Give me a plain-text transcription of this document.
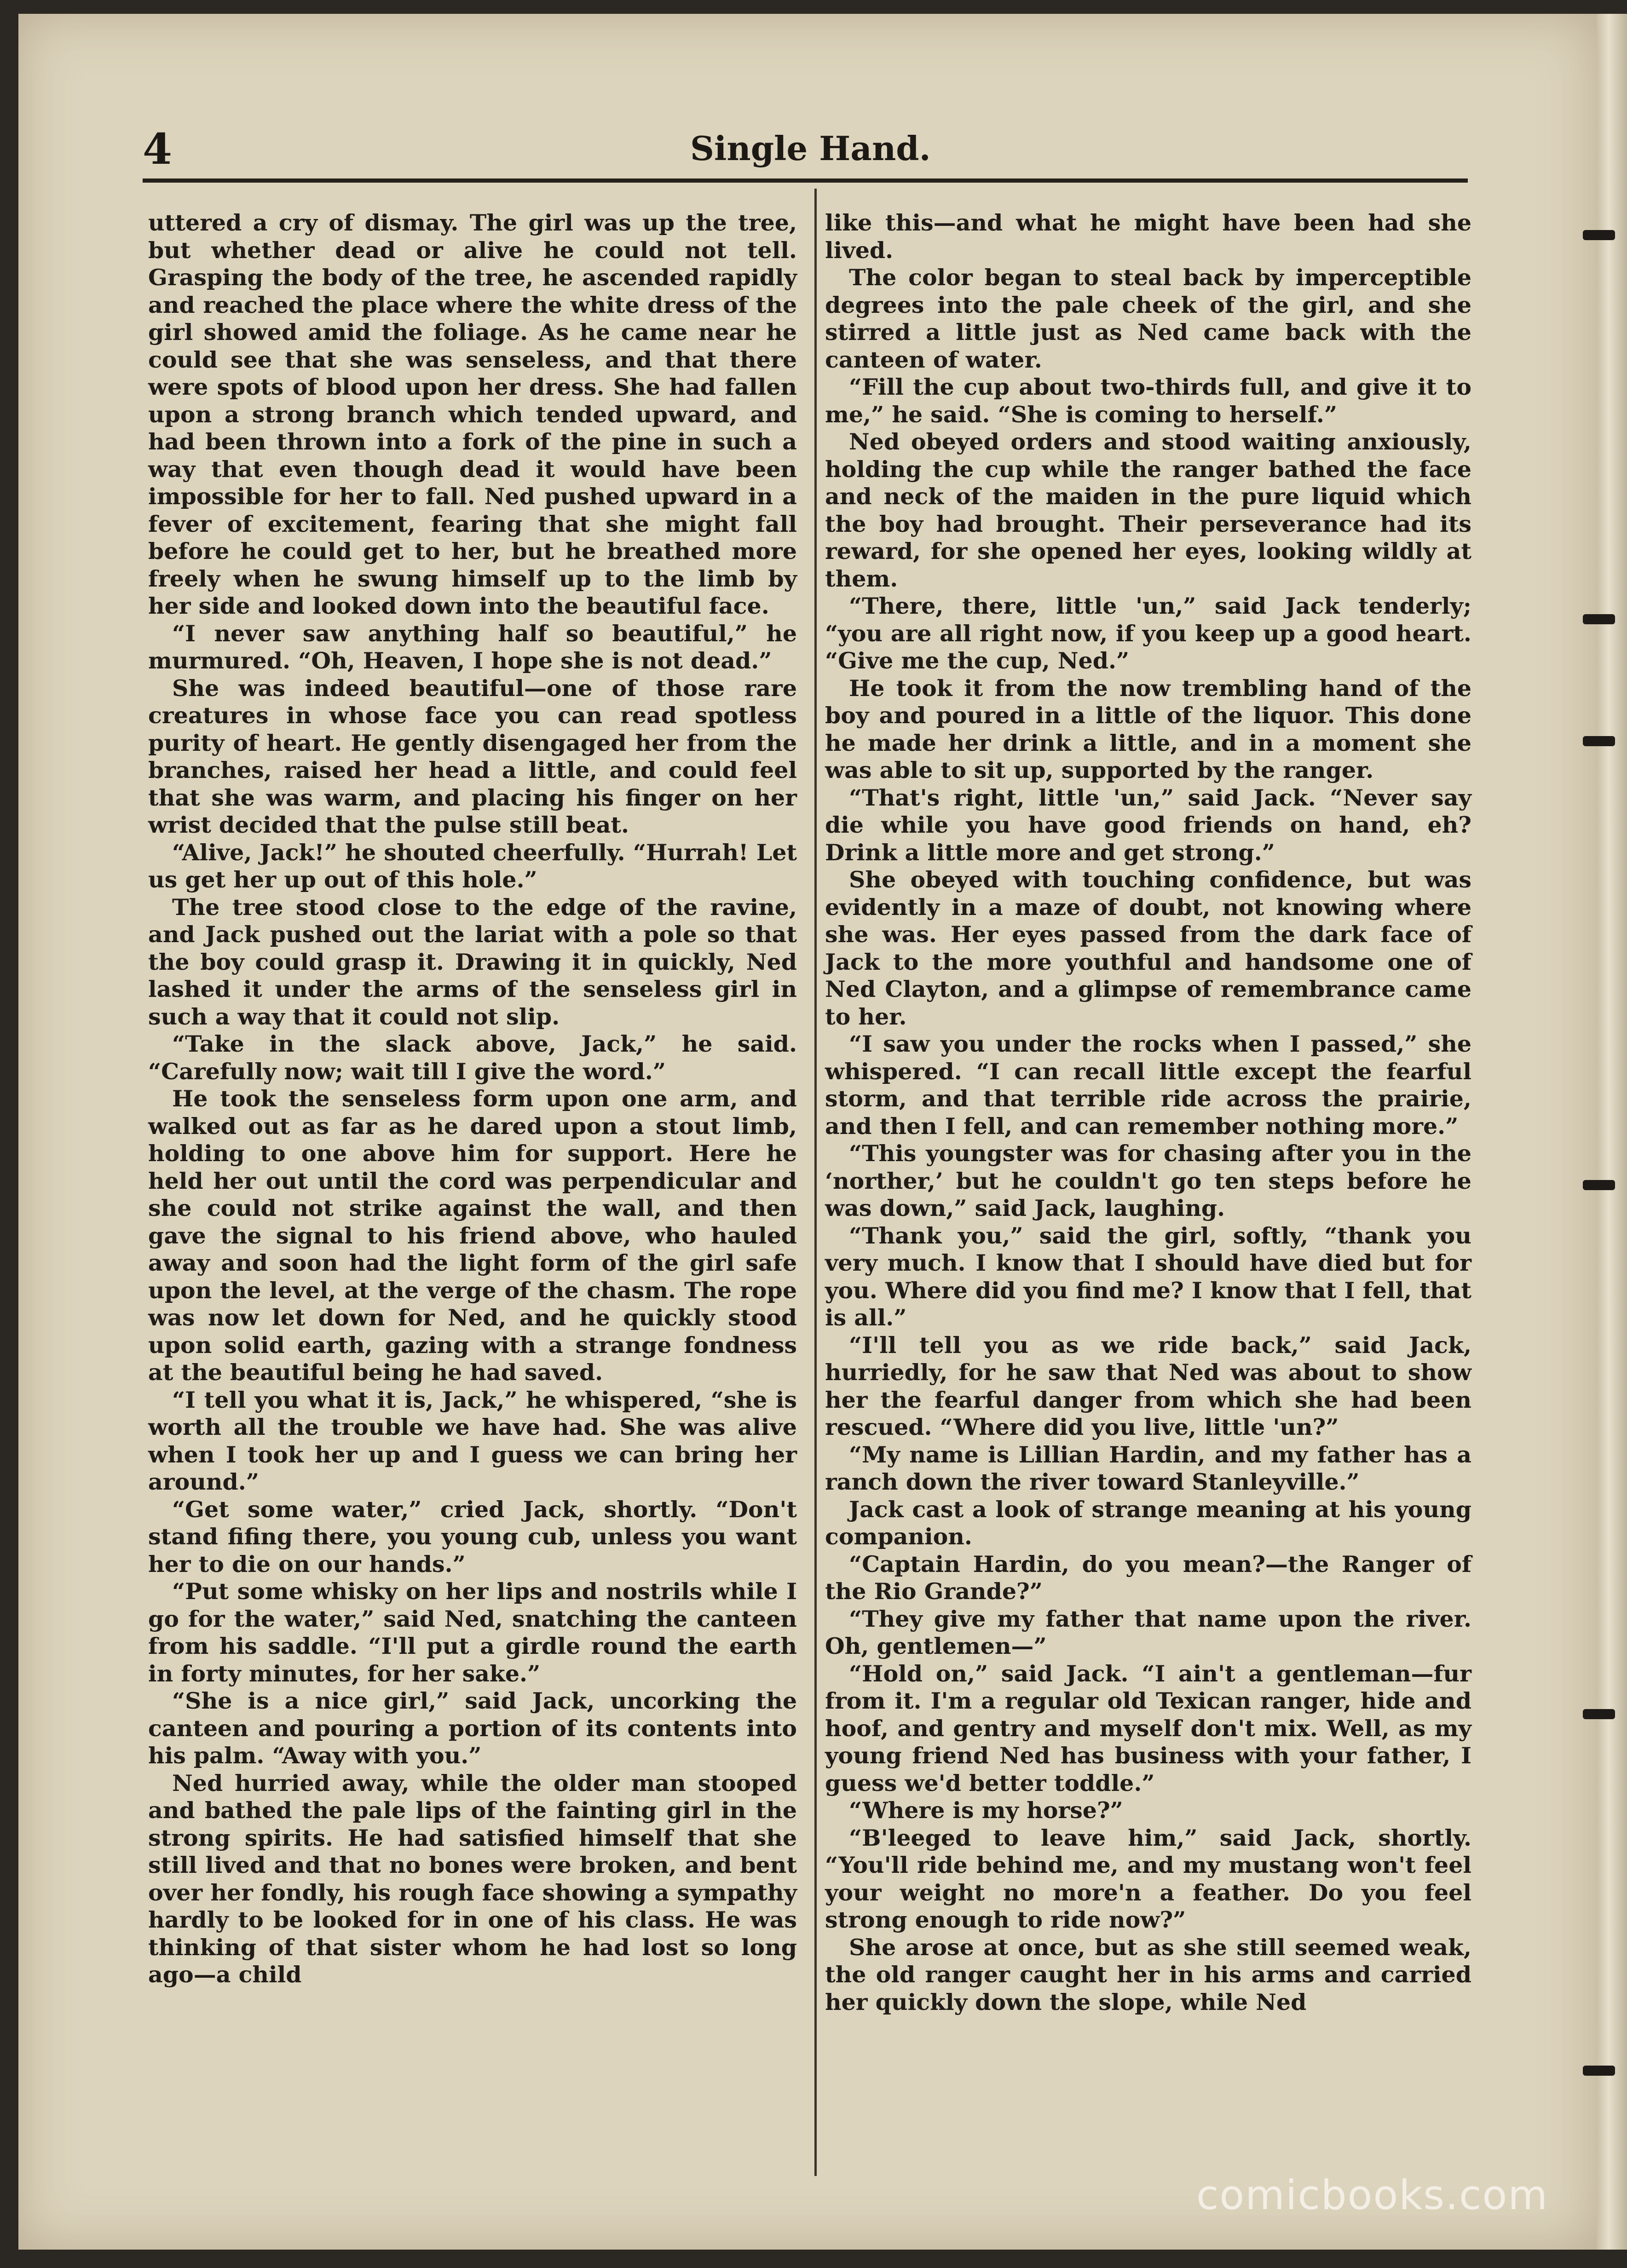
4	Single Hand.

uttered a cry of dismay. The girl was up the tree, but whether dead or alive he could not tell. Grasping the body of the tree, he ascended rapidly and reached the place where the white dress of the girl showed amid the foliage. As he came near he could see that she was senseless, and that there were spots of blood upon her dress. She had fallen upon a strong branch which tended upward, and had been thrown into a fork of the pine in such a way that even though dead it would have been impossible for her to fall. Ned pushed upward in a fever of excitement, fearing that she might fall before he could get to her, but he breathed more freely when he swung himself up to the limb by her side and looked down into the beautiful face.

“I never saw anything half so beautiful,” he murmured. “Oh, Heaven, I hope she is not dead.”

She was indeed beautiful—one of those rare creatures in whose face you can read spotless purity of heart. He gently disengaged her from the branches, raised her head a little, and could feel that she was warm, and placing his finger on her wrist decided that the pulse still beat.

“Alive, Jack!” he shouted cheerfully. “Hurrah! Let us get her up out of this hole.”

The tree stood close to the edge of the ravine, and Jack pushed out the lariat with a pole so that the boy could grasp it. Drawing it in quickly, Ned lashed it under the arms of the senseless girl in such a way that it could not slip.

“Take in the slack above, Jack,” he said. “Carefully now; wait till I give the word.”

He took the senseless form upon one arm, and walked out as far as he dared upon a stout limb, holding to one above him for support. Here he held her out until the cord was perpendicular and she could not strike against the wall, and then gave the signal to his friend above, who hauled away and soon had the light form of the girl safe upon the level, at the verge of the chasm. The rope was now let down for Ned, and he quickly stood upon solid earth, gazing with a strange fondness at the beautiful being he had saved.

“I tell you what it is, Jack,” he whispered, “she is worth all the trouble we have had. She was alive when I took her up and I guess we can bring her around.”

“Get some water,” cried Jack, shortly. “Don't stand fifing there, you young cub, unless you want her to die on our hands.”

“Put some whisky on her lips and nostrils while I go for the water,” said Ned, snatching the canteen from his saddle. “I'll put a girdle round the earth in forty minutes, for her sake.”

“She is a nice girl,” said Jack, uncorking the canteen and pouring a portion of its contents into his palm. “Away with you.”

Ned hurried away, while the older man stooped and bathed the pale lips of the fainting girl in the strong spirits. He had satisfied himself that she still lived and that no bones were broken, and bent over her fondly, his rough face showing a sympathy hardly to be looked for in one of his class. He was thinking of that sister whom he had lost so long ago—a child

like this—and what he might have been had she lived.

The color began to steal back by imperceptible degrees into the pale cheek of the girl, and she stirred a little just as Ned came back with the canteen of water.

“Fill the cup about two-thirds full, and give it to me,” he said. “She is coming to herself.”

Ned obeyed orders and stood waiting anxiously, holding the cup while the ranger bathed the face and neck of the maiden in the pure liquid which the boy had brought. Their perseverance had its reward, for she opened her eyes, looking wildly at them.

“There, there, little 'un,” said Jack tenderly; “you are all right now, if you keep up a good heart. “Give me the cup, Ned.”

He took it from the now trembling hand of the boy and poured in a little of the liquor. This done he made her drink a little, and in a moment she was able to sit up, supported by the ranger.

“That's right, little 'un,” said Jack. “Never say die while you have good friends on hand, eh? Drink a little more and get strong.”

She obeyed with touching confidence, but was evidently in a maze of doubt, not knowing where she was. Her eyes passed from the dark face of Jack to the more youthful and handsome one of Ned Clayton, and a glimpse of remembrance came to her.

“I saw you under the rocks when I passed,” she whispered. “I can recall little except the fearful storm, and that terrible ride across the prairie, and then I fell, and can remember nothing more.”

“This youngster was for chasing after you in the ‘norther,’ but he couldn't go ten steps before he was down,” said Jack, laughing.

“Thank you,” said the girl, softly, “thank you very much. I know that I should have died but for you. Where did you find me? I know that I fell, that is all.”

“I'll tell you as we ride back,” said Jack, hurriedly, for he saw that Ned was about to show her the fearful danger from which she had been rescued. “Where did you live, little 'un?”

“My name is Lillian Hardin, and my father has a ranch down the river toward Stanleyville.”

Jack cast a look of strange meaning at his young companion.

“Captain Hardin, do you mean?—the Ranger of the Rio Grande?”

“They give my father that name upon the river. Oh, gentlemen—”

“Hold on,” said Jack. “I ain't a gentleman—fur from it. I'm a regular old Texican ranger, hide and hoof, and gentry and myself don't mix. Well, as my young friend Ned has business with your father, I guess we'd better toddle.”

“Where is my horse?”

“B'leeged to leave him,” said Jack, shortly. “You'll ride behind me, and my mustang won't feel your weight no more'n a feather. Do you feel strong enough to ride now?”

She arose at once, but as she still seemed weak, the old ranger caught her in his arms and carried her quickly down the slope, while Ned

comicbooks.com
